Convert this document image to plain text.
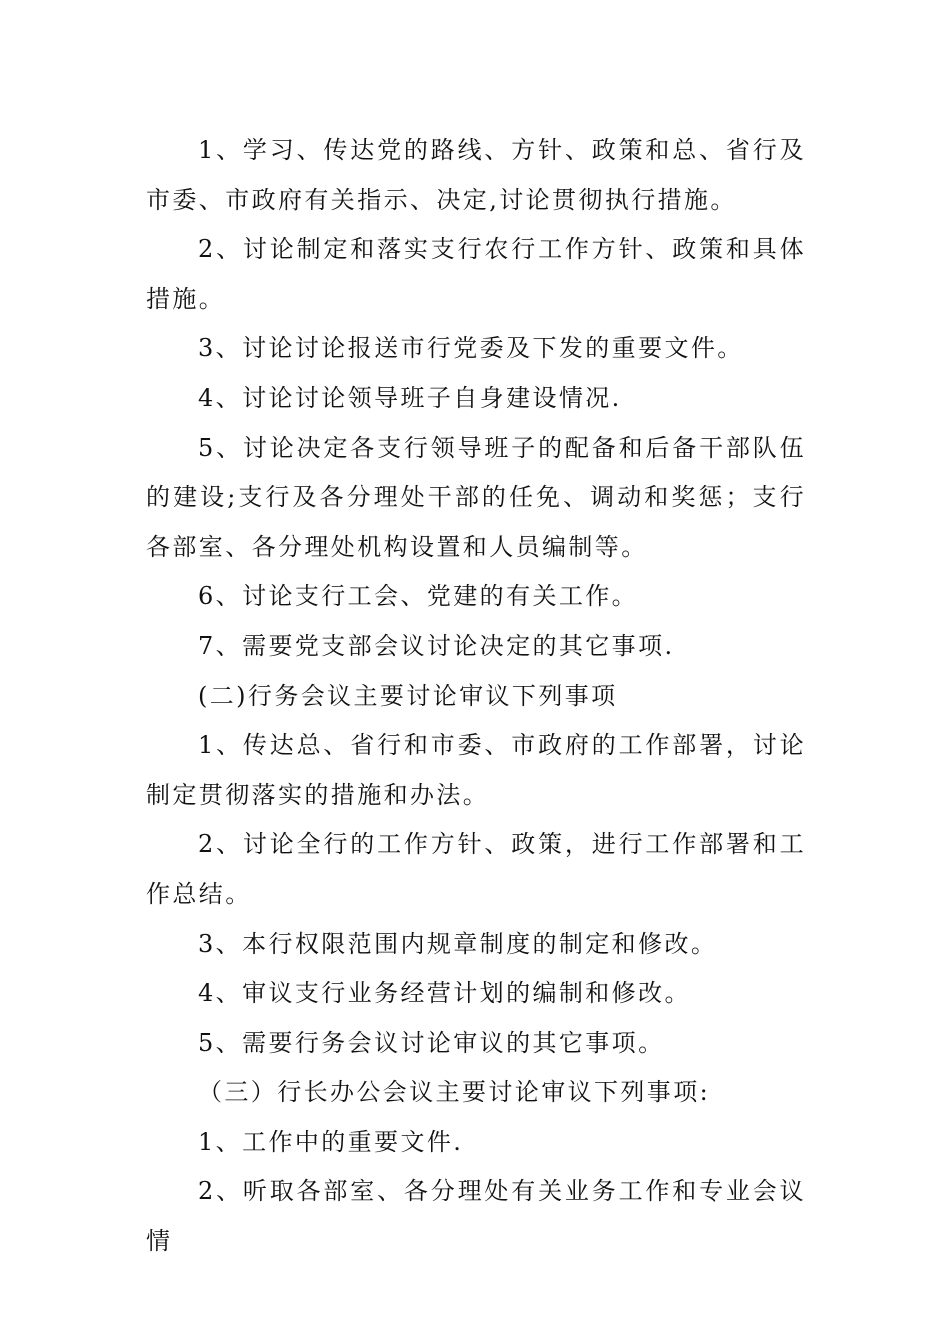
1、学习、传达党的路线、方针、政策和总、省行及市委、市政府有关指示、决定,讨论贯彻执行措施。

2、讨论制定和落实支行农行工作方针、政策和具体措施。

3、讨论讨论报送市行党委及下发的重要文件。

4、讨论讨论领导班子自身建设情况.

5、讨论决定各支行领导班子的配备和后备干部队伍的建设;支行及各分理处干部的任免、调动和奖惩；支行各部室、各分理处机构设置和人员编制等。

6、讨论支行工会、党建的有关工作。

7、需要党支部会议讨论决定的其它事项.

(二)行务会议主要讨论审议下列事项

1、传达总、省行和市委、市政府的工作部署，讨论制定贯彻落实的措施和办法。

2、讨论全行的工作方针、政策，进行工作部署和工作总结。

3、本行权限范围内规章制度的制定和修改。

4、审议支行业务经营计划的编制和修改。

5、需要行务会议讨论审议的其它事项。

（三）行长办公会议主要讨论审议下列事项:

1、工作中的重要文件.

2、听取各部室、各分理处有关业务工作和专业会议情
